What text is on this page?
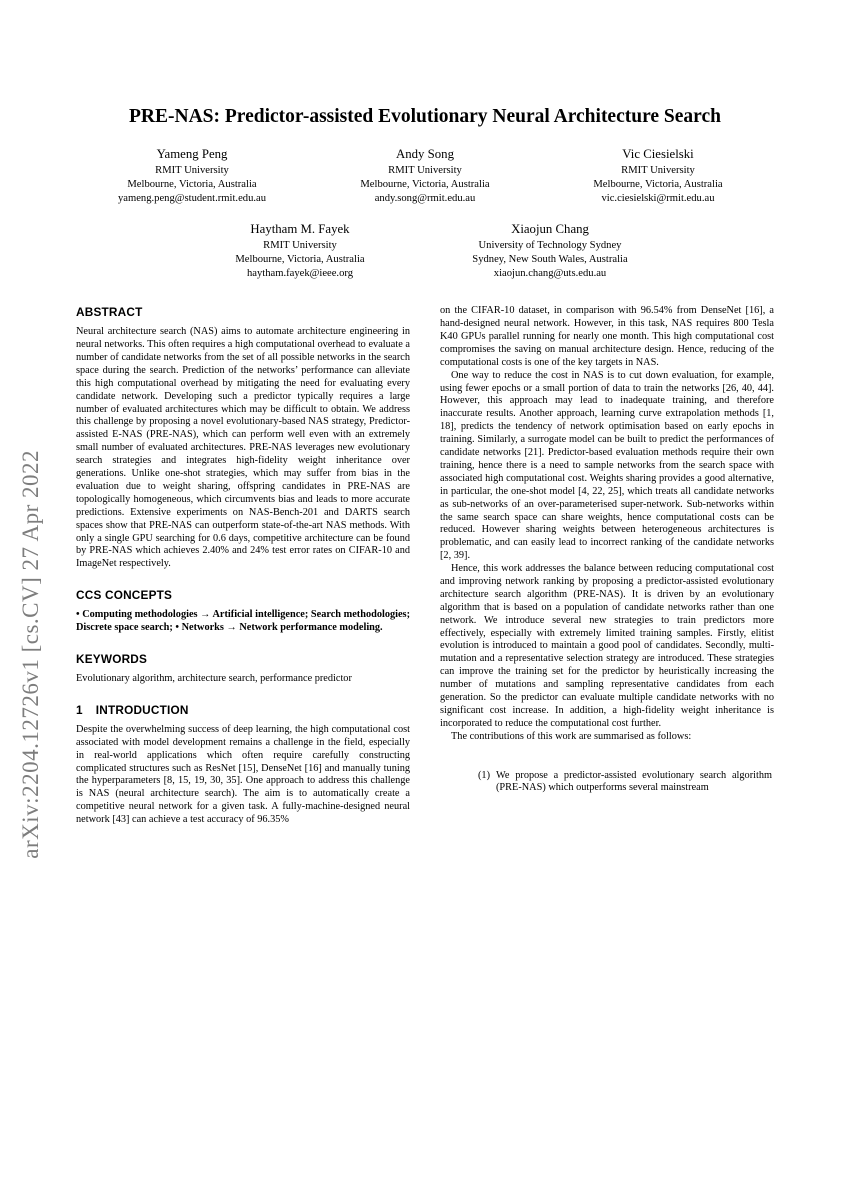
arXiv:2204.12726v1 [cs.CV] 27 Apr 2022
PRE-NAS: Predictor-assisted Evolutionary Neural Architecture Search
Yameng Peng
RMIT University
Melbourne, Victoria, Australia
yameng.peng@student.rmit.edu.au
Andy Song
RMIT University
Melbourne, Victoria, Australia
andy.song@rmit.edu.au
Vic Ciesielski
RMIT University
Melbourne, Victoria, Australia
vic.ciesielski@rmit.edu.au
Haytham M. Fayek
RMIT University
Melbourne, Victoria, Australia
haytham.fayek@ieee.org
Xiaojun Chang
University of Technology Sydney
Sydney, New South Wales, Australia
xiaojun.chang@uts.edu.au
ABSTRACT

Neural architecture search (NAS) aims to automate architecture engineering in neural networks. This often requires a high computational overhead to evaluate a number of candidate networks from the set of all possible networks in the search space during the search. Prediction of the networks’ performance can alleviate this high computational overhead by mitigating the need for evaluating every candidate network. Developing such a predictor typically requires a large number of evaluated architectures which may be difficult to obtain. We address this challenge by proposing a novel evolutionary-based NAS strategy, Predictor-assisted E-NAS (PRE-NAS), which can perform well even with an extremely small number of evaluated architectures. PRE-NAS leverages new evolutionary search strategies and integrates high-fidelity weight inheritance over generations. Unlike one-shot strategies, which may suffer from bias in the evaluation due to weight sharing, offspring candidates in PRE-NAS are topologically homogeneous, which circumvents bias and leads to more accurate predictions. Extensive experiments on NAS-Bench-201 and DARTS search spaces show that PRE-NAS can outperform state-of-the-art NAS methods. With only a single GPU searching for 0.6 days, competitive architecture can be found by PRE-NAS which achieves 2.40% and 24% test error rates on CIFAR-10 and ImageNet respectively.

CCS CONCEPTS

• Computing methodologies → Artificial intelligence; Search methodologies; Discrete space search; • Networks → Network performance modeling.

KEYWORDS

Evolutionary algorithm, architecture search, performance predictor

1 INTRODUCTION

Despite the overwhelming success of deep learning, the high computational cost associated with model development remains a challenge in the field, especially in real-world applications which often require carefully constructing complicated structures such as ResNet [15], DenseNet [16] and manually tuning the hyperparameters [8, 15, 19, 30, 35]. One approach to address this challenge is NAS (neural architecture search). The aim is to automatically create a competitive neural network for a given task. A fully-machine-designed neural network [43] can achieve a test accuracy of 96.35%

on the CIFAR-10 dataset, in comparison with 96.54% from DenseNet [16], a hand-designed neural network. However, in this task, NAS requires 800 Tesla K40 GPUs parallel running for nearly one month. This high computational cost compromises the saving on manual architecture design. Hence, reducing of the computational costs is one of the key targets in NAS.

One way to reduce the cost in NAS is to cut down evaluation, for example, using fewer epochs or a small portion of data to train the networks [26, 40, 44]. However, this approach may lead to inadequate training, and therefore inaccurate results. Another approach, learning curve extrapolation methods [1, 18], predicts the tendency of network optimisation based on early epochs in training. Similarly, a surrogate model can be built to predict the performances of candidate networks [21]. Predictor-based evaluation methods require their own training, hence there is a need to sample networks from the search space with associated high computational cost. Weights sharing provides a good alternative, in particular, the one-shot model [4, 22, 25], which treats all candidate networks as sub-networks of an over-parameterised super-network. Sub-networks within the same search space can share weights, hence computational costs can be reduced. However sharing weights between heterogeneous architectures is problematic, and can easily lead to incorrect ranking of the candidate networks [2, 39].

Hence, this work addresses the balance between reducing computational cost and improving network ranking by proposing a predictor-assisted evolutionary architecture search algorithm (PRE-NAS). It is driven by an evolutionary algorithm that is based on a population of candidate networks rather than one network. We introduce several new strategies to train predictors more effectively, especially with extremely limited training samples. Firstly, elitist evolution is introduced to maintain a good pool of candidates. Secondly, multi-mutation and a representative selection strategy are introduced. These strategies can improve the training set for the predictor by heuristically increasing the number of mutations and sampling representative candidates from each generation. So the predictor can evaluate multiple candidate networks with no significant cost increase. In addition, a high-fidelity weight inheritance is incorporated to reduce the computational cost further.

The contributions of this work are summarised as follows:

(1) We propose a predictor-assisted evolutionary search algorithm (PRE-NAS) which outperforms several mainstream
